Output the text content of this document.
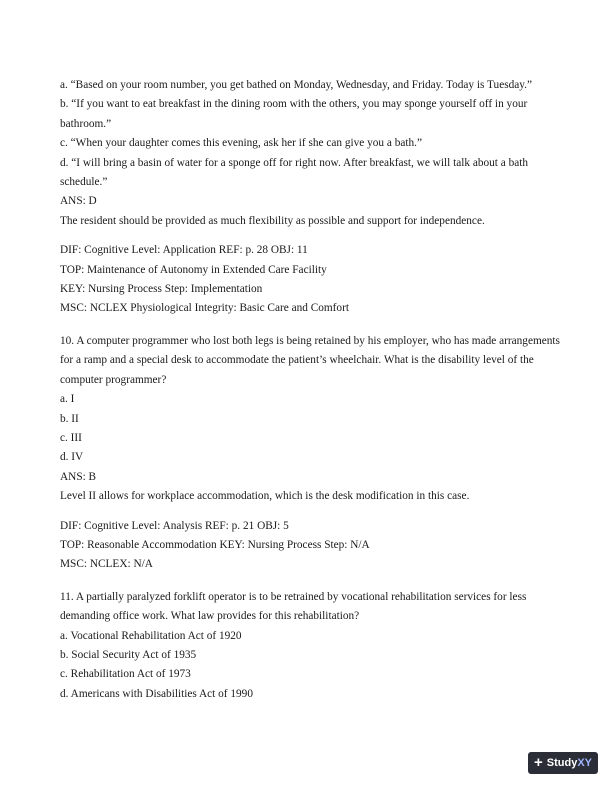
a. “Based on your room number, you get bathed on Monday, Wednesday, and Friday. Today is Tuesday.”
b. “If you want to eat breakfast in the dining room with the others, you may sponge yourself off in your bathroom.”
c. “When your daughter comes this evening, ask her if she can give you a bath.”
d. “I will bring a basin of water for a sponge off for right now. After breakfast, we will talk about a bath schedule.”
ANS: D
The resident should be provided as much flexibility as possible and support for independence.
DIF: Cognitive Level: Application REF: p. 28 OBJ: 11
TOP: Maintenance of Autonomy in Extended Care Facility
KEY: Nursing Process Step: Implementation
MSC: NCLEX Physiological Integrity: Basic Care and Comfort
10. A computer programmer who lost both legs is being retained by his employer, who has made arrangements for a ramp and a special desk to accommodate the patient’s wheelchair. What is the disability level of the computer programmer?
a. I
b. II
c. III
d. IV
ANS: B
Level II allows for workplace accommodation, which is the desk modification in this case.
DIF: Cognitive Level: Analysis REF: p. 21 OBJ: 5
TOP: Reasonable Accommodation KEY: Nursing Process Step: N/A
MSC: NCLEX: N/A
11. A partially paralyzed forklift operator is to be retrained by vocational rehabilitation services for less demanding office work. What law provides for this rehabilitation?
a. Vocational Rehabilitation Act of 1920
b. Social Security Act of 1935
c. Rehabilitation Act of 1973
d. Americans with Disabilities Act of 1990
+ StudyXY
